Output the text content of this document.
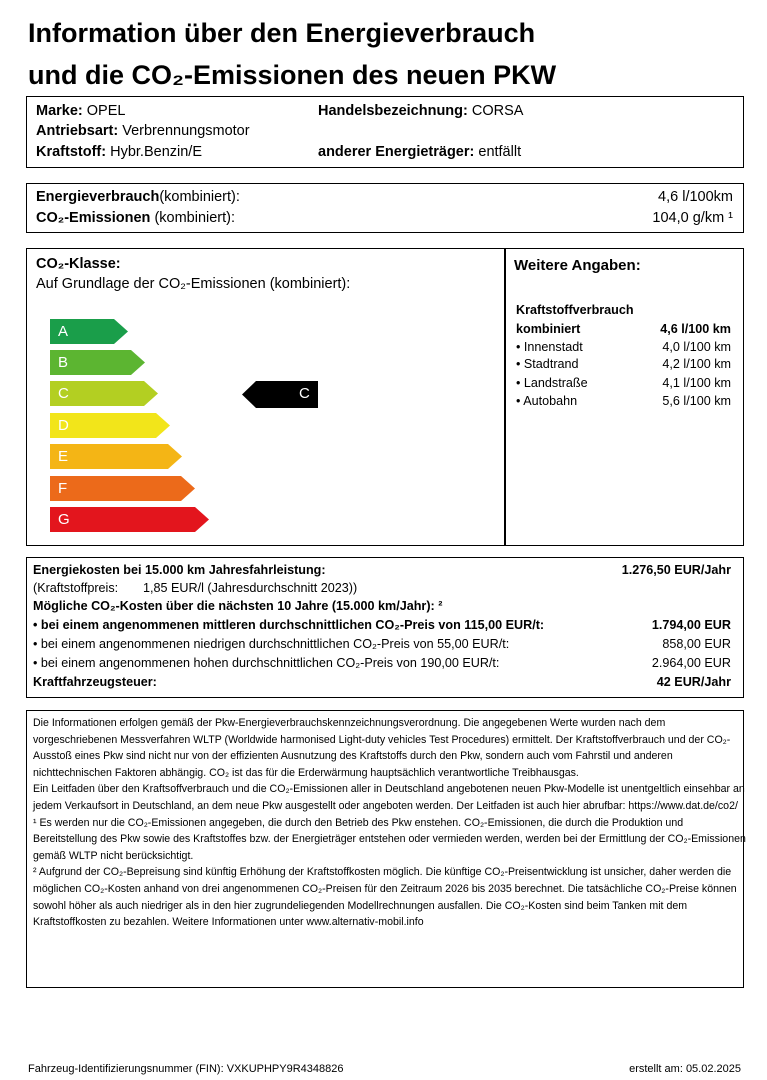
Information über den Energieverbrauch
und die CO₂-Emissionen des neuen PKW
Marke: OPEL	Handelsbezeichnung: CORSA
Antriebsart: Verbrennungsmotor
Kraftstoff: Hybr.Benzin/E	anderer Energieträger: entfällt
Energieverbrauch(kombiniert):	4,6 l/100km
CO₂-Emissionen (kombiniert):	104,0 g/km ¹
CO₂-Klasse:
Auf Grundlage der CO₂-Emissionen (kombiniert):
A
B
C
D
E
F
G
C
Weitere Angaben:
Kraftstoffverbrauch
kombiniert	4,6 l/100 km
• Innenstadt	4,0 l/100 km
• Stadtrand	4,2 l/100 km
• Landstraße	4,1 l/100 km
• Autobahn	5,6 l/100 km
Energiekosten bei 15.000 km Jahresfahrleistung:	1.276,50 EUR/Jahr
(Kraftstoffpreis: 1,85 EUR/l (Jahresdurchschnitt 2023))
Mögliche CO₂-Kosten über die nächsten 10 Jahre (15.000 km/Jahr): ²
• bei einem angenommenen mittleren durchschnittlichen CO₂-Preis von 115,00 EUR/t:	1.794,00 EUR
• bei einem angenommenen niedrigen durchschnittlichen CO₂-Preis von 55,00 EUR/t:	858,00 EUR
• bei einem angenommenen hohen durchschnittlichen CO₂-Preis von 190,00 EUR/t:	2.964,00 EUR
Kraftfahrzeugsteuer:	42 EUR/Jahr
Die Informationen erfolgen gemäß der Pkw-Energieverbrauchskennzeichnungsverordnung. Die angegebenen Werte wurden nach dem vorgeschriebenen Messverfahren WLTP (Worldwide harmonised Light-duty vehicles Test Procedures) ermittelt. Der Kraftstoffverbrauch und der CO₂-Ausstoß eines Pkw sind nicht nur von der effizienten Ausnutzung des Kraftstoffs durch den Pkw, sondern auch vom Fahrstil und anderen nichttechnischen Faktoren abhängig. CO₂ ist das für die Erderwärmung hauptsächlich verantwortliche Treibhausgas.
Ein Leitfaden über den Kraftsoffverbrauch und die CO₂-Emissionen aller in Deutschland angebotenen neuen Pkw-Modelle ist unentgeltlich einsehbar an jedem Verkaufsort in Deutschland, an dem neue Pkw ausgestellt oder angeboten werden. Der Leitfaden ist auch hier abrufbar: https://www.dat.de/co2/
¹ Es werden nur die CO₂-Emissionen angegeben, die durch den Betrieb des Pkw enstehen. CO₂-Emissionen, die durch die Produktion und Bereitstellung des Pkw sowie des Kraftstoffes bzw. der Energieträger entstehen oder vermieden werden, werden bei der Ermittlung der CO₂-Emissionen gemäß WLTP nicht berücksichtigt.
² Aufgrund der CO₂-Bepreisung sind künftig Erhöhung der Kraftstoffkosten möglich. Die künftige CO₂-Preisentwicklung ist unsicher, daher werden die möglichen CO₂-Kosten anhand von drei angenommenen CO₂-Preisen für den Zeitraum 2026 bis 2035 berechnet. Die tatsächliche CO₂-Preise können sowohl höher als auch niedriger als in den hier zugrundeliegenden Modellrechnungen ausfallen. Die CO₂-Kosten sind beim Tanken mit dem Kraftstoffkosten zu bezahlen. Weitere Informationen unter www.alternativ-mobil.info
Fahrzeug-Identifizierungsnummer (FIN): VXKUPHPY9R4348826	erstellt am: 05.02.2025
